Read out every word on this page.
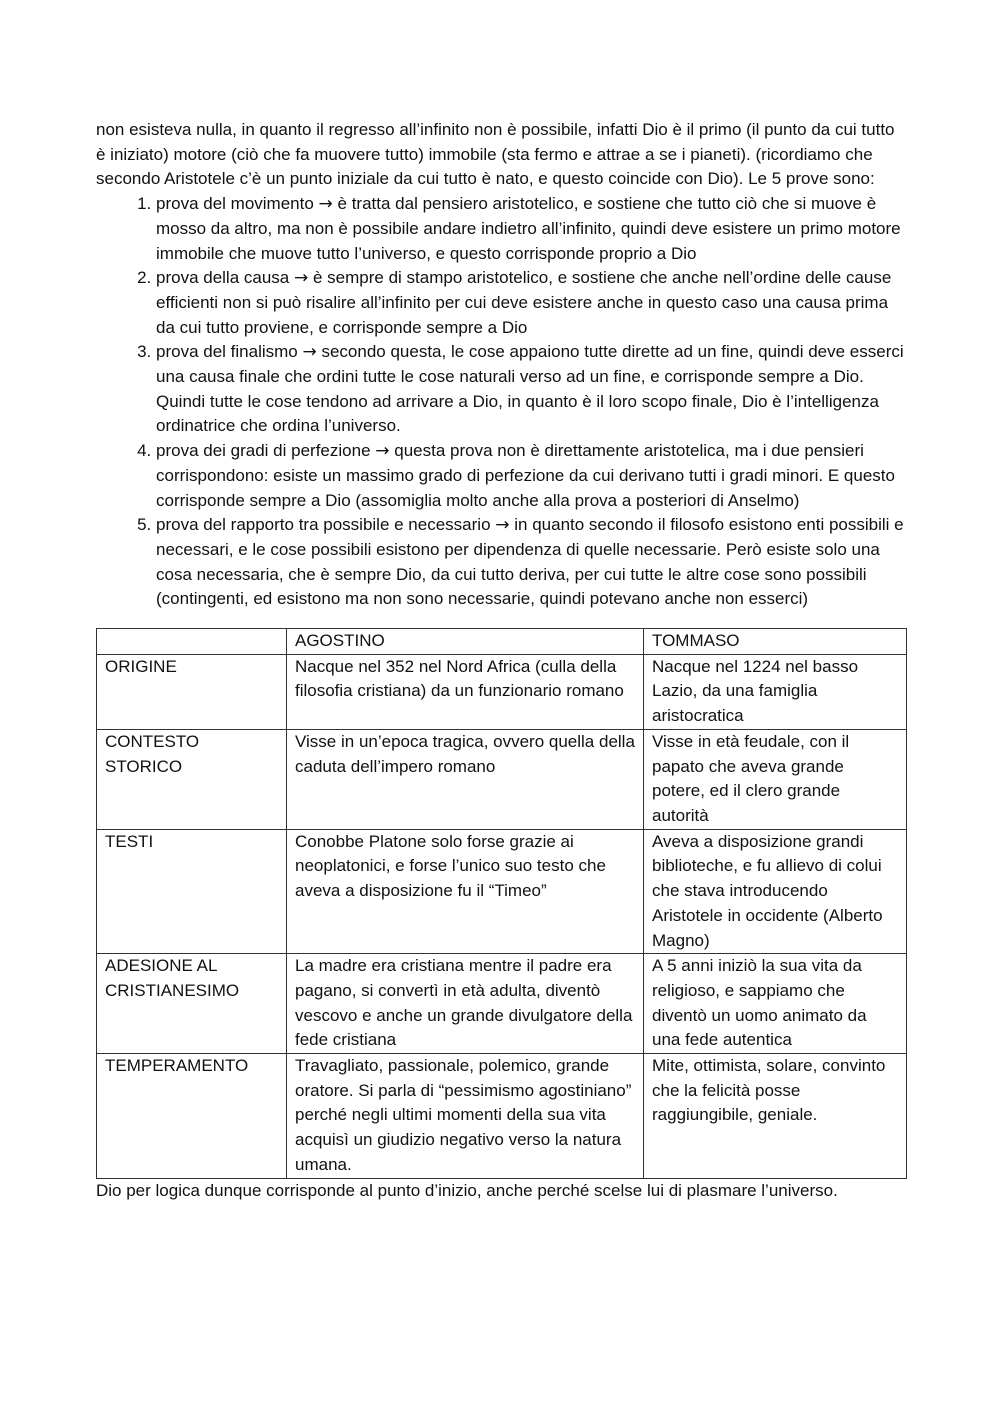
non esisteva nulla, in quanto il regresso all’infinito non è possibile, infatti Dio è il primo (il punto da cui tutto è iniziato) motore (ciò che fa muovere tutto) immobile (sta fermo e attrae a se i pianeti). (ricordiamo che secondo Aristotele c’è un punto iniziale da cui tutto è nato, e questo coincide con Dio). Le 5 prove sono:

1. prova del movimento → è tratta dal pensiero aristotelico, e sostiene che tutto ciò che si muove è mosso da altro, ma non è possibile andare indietro all’infinito, quindi deve esistere un primo motore immobile che muove tutto l’universo, e questo corrisponde proprio a Dio
2. prova della causa → è sempre di stampo aristotelico, e sostiene che anche nell’ordine delle cause efficienti non si può risalire all’infinito per cui deve esistere anche in questo caso una causa prima da cui tutto proviene, e corrisponde sempre a Dio
3. prova del finalismo → secondo questa, le cose appaiono tutte dirette ad un fine, quindi deve esserci una causa finale che ordini tutte le cose naturali verso ad un fine, e corrisponde sempre a Dio. Quindi tutte le cose tendono ad arrivare a Dio, in quanto è il loro scopo finale, Dio è l’intelligenza ordinatrice che ordina l’universo.
4. prova dei gradi di perfezione → questa prova non è direttamente aristotelica, ma i due pensieri corrispondono: esiste un massimo grado di perfezione da cui derivano tutti i gradi minori. E questo corrisponde sempre a Dio (assomiglia molto anche alla prova a posteriori di Anselmo)
5. prova del rapporto tra possibile e necessario → in quanto secondo il filosofo esistono enti possibili e necessari, e le cose possibili esistono per dipendenza di quelle necessarie. Però esiste solo una cosa necessaria, che è sempre Dio, da cui tutto deriva, per cui tutte le altre cose sono possibili (contingenti, ed esistono ma non sono necessarie, quindi potevano anche non esserci)
	AGOSTINO	TOMMASO
ORIGINE	Nacque nel 352 nel Nord Africa (culla della filosofia cristiana) da un funzionario romano	Nacque nel 1224 nel basso Lazio, da una famiglia aristocratica
CONTESTO STORICO	Visse in un’epoca tragica, ovvero quella della caduta dell’impero romano	Visse in età feudale, con il papato che aveva grande potere, ed il clero grande autorità
TESTI	Conobbe Platone solo forse grazie ai neoplatonici, e forse l’unico suo testo che aveva a disposizione fu il “Timeo”	Aveva a disposizione grandi biblioteche, e fu allievo di colui che stava introducendo Aristotele in occidente (Alberto Magno)
ADESIONE AL CRISTIANESIMO	La madre era cristiana mentre il padre era pagano, si convertì in età adulta, diventò vescovo e anche un grande divulgatore della fede cristiana	A 5 anni iniziò la sua vita da religioso, e sappiamo che diventò un uomo animato da una fede autentica
TEMPERAMENTO	Travagliato, passionale, polemico, grande oratore. Si parla di “pessimismo agostiniano” perché negli ultimi momenti della sua vita acquisì un giudizio negativo verso la natura umana.	Mite, ottimista, solare, convinto che la felicità posse raggiungibile, geniale.

Dio per logica dunque corrisponde al punto d’inizio, anche perché scelse lui di plasmare l’universo.
